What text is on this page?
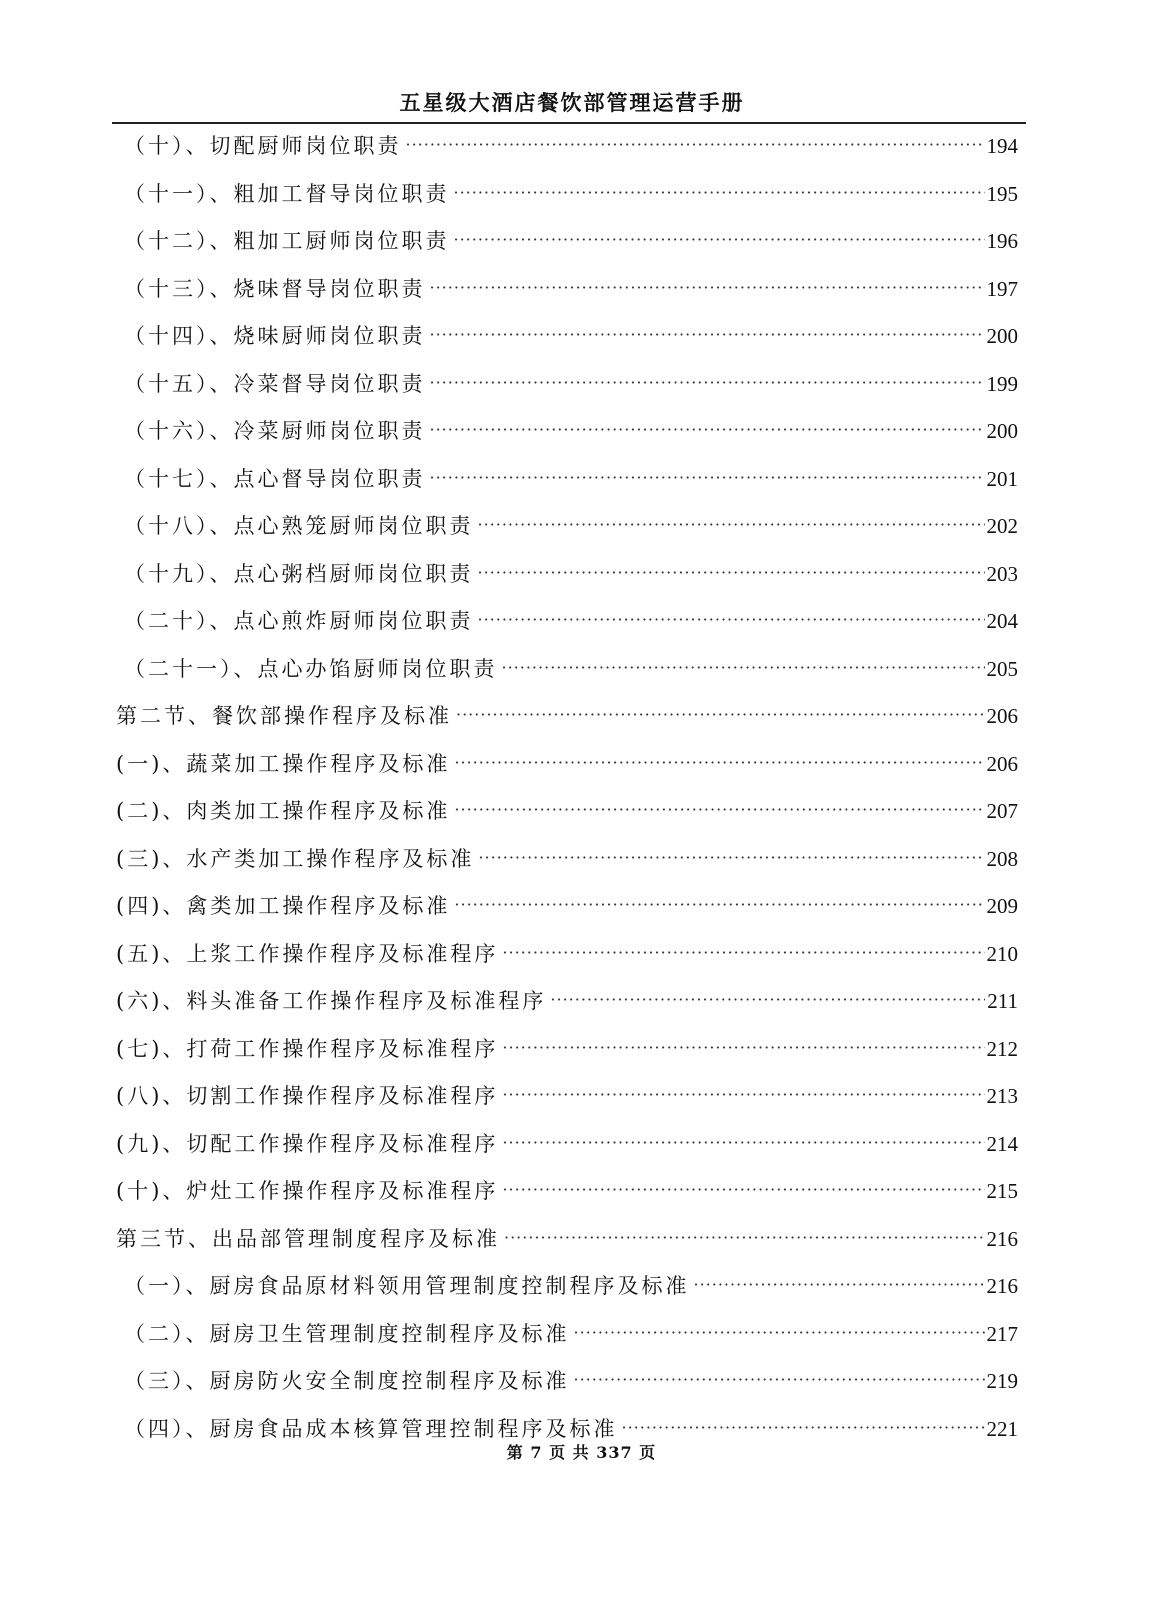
五星级大酒店餐饮部管理运营手册
（十）、切配厨师岗位职责 ·····	194
（十一）、粗加工督导岗位职责 ·····	195
（十二）、粗加工厨师岗位职责 ·····	196
（十三）、烧味督导岗位职责 ·····	197
（十四）、烧味厨师岗位职责 ·····	200
（十五）、冷菜督导岗位职责 ·····	199
（十六）、冷菜厨师岗位职责 ·····	200
（十七）、点心督导岗位职责 ·····	201
（十八）、点心熟笼厨师岗位职责 ·····	202
（十九）、点心粥档厨师岗位职责 ·····	203
（二十）、点心煎炸厨师岗位职责 ·····	204
（二十一）、点心办馅厨师岗位职责 ·····	205
第二节、餐饮部操作程序及标准 ·····	206
(一)、蔬菜加工操作程序及标准 ·····	206
(二)、肉类加工操作程序及标准 ·····	207
(三)、水产类加工操作程序及标准 ·····	208
(四)、禽类加工操作程序及标准 ·····	209
(五)、上浆工作操作程序及标准程序 ·····	210
(六)、料头准备工作操作程序及标准程序 ·····	211
(七)、打荷工作操作程序及标准程序 ·····	212
(八)、切割工作操作程序及标准程序 ·····	213
(九)、切配工作操作程序及标准程序 ·····	214
(十)、炉灶工作操作程序及标准程序 ·····	215
第三节、出品部管理制度程序及标准 ·····	216
（一）、厨房食品原材料领用管理制度控制程序及标准 ·····	216
（二）、厨房卫生管理制度控制程序及标准 ·····	217
（三）、厨房防火安全制度控制程序及标准 ·····	219
（四）、厨房食品成本核算管理控制程序及标准 ·····	221
第 7 页 共 337 页
